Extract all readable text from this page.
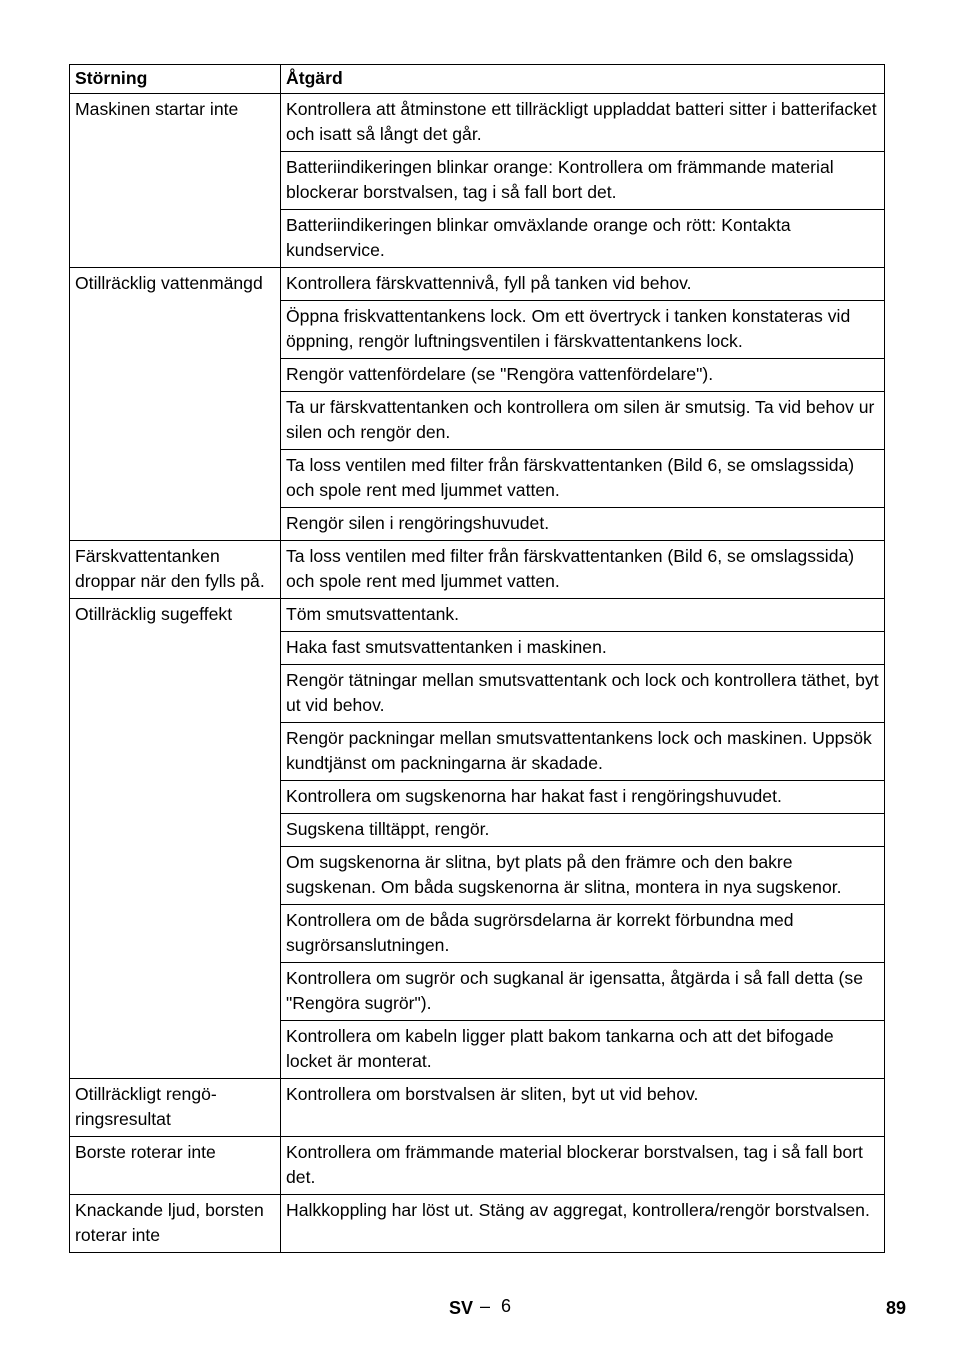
Störning	Åtgärd
Maskinen startar inte	Kontrollera att åtminstone ett tillräckligt uppladdat batteri sitter i batterifacket och isatt så långt det går.
	Batteriindikeringen blinkar orange: Kontrollera om främmande material blockerar borstvalsen, tag i så fall bort det.
	Batteriindikeringen blinkar omväxlande orange och rött: Kontakta kundservice.
Otillräcklig vattenmängd	Kontrollera färskvattennivå, fyll på tanken vid behov.
	Öppna friskvattentankens lock. Om ett övertryck i tanken konstateras vid öppning, rengör luftningsventilen i färskvattentankens lock.
	Rengör vattenfördelare (se "Rengöra vattenfördelare").
	Ta ur färskvattentanken och kontrollera om silen är smutsig. Ta vid behov ur silen och rengör den.
	Ta loss ventilen med filter från färskvattentanken (Bild 6, se omslagssida) och spole rent med ljummet vatten.
	Rengör silen i rengöringshuvudet.
Färskvattentanken droppar när den fylls på.	Ta loss ventilen med filter från färskvattentanken (Bild 6, se omslagssida) och spole rent med ljummet vatten.
Otillräcklig sugeffekt	Töm smutsvattentank.
	Haka fast smutsvattentanken i maskinen.
	Rengör tätningar mellan smutsvattentank och lock och kontrollera täthet, byt ut vid behov.
	Rengör packningar mellan smutsvattentankens lock och maskinen. Uppsök kundtjänst om packningarna är skadade.
	Kontrollera om sugskenorna har hakat fast i rengöringshuvudet.
	Sugskena tilltäppt, rengör.
	Om sugskenorna är slitna, byt plats på den främre och den bakre sugskenan. Om båda sugskenorna är slitna, montera in nya sugskenor.
	Kontrollera om de båda sugrörsdelarna är korrekt förbundna med sugrörsanslutningen.
	Kontrollera om sugrör och sugkanal är igensatta, åtgärda i så fall detta (se "Rengöra sugrör").
	Kontrollera om kabeln ligger platt bakom tankarna och att det bifogade locket är monterat.
Otillräckligt rengöringsresultat	Kontrollera om borstvalsen är sliten, byt ut vid behov.
Borste roterar inte	Kontrollera om främmande material blockerar borstvalsen, tag i så fall bort det.
Knackande ljud, borsten roterar inte	Halkkoppling har löst ut. Stäng av aggregat, kontrollera/rengör borstvalsen.
SV – 6	89
